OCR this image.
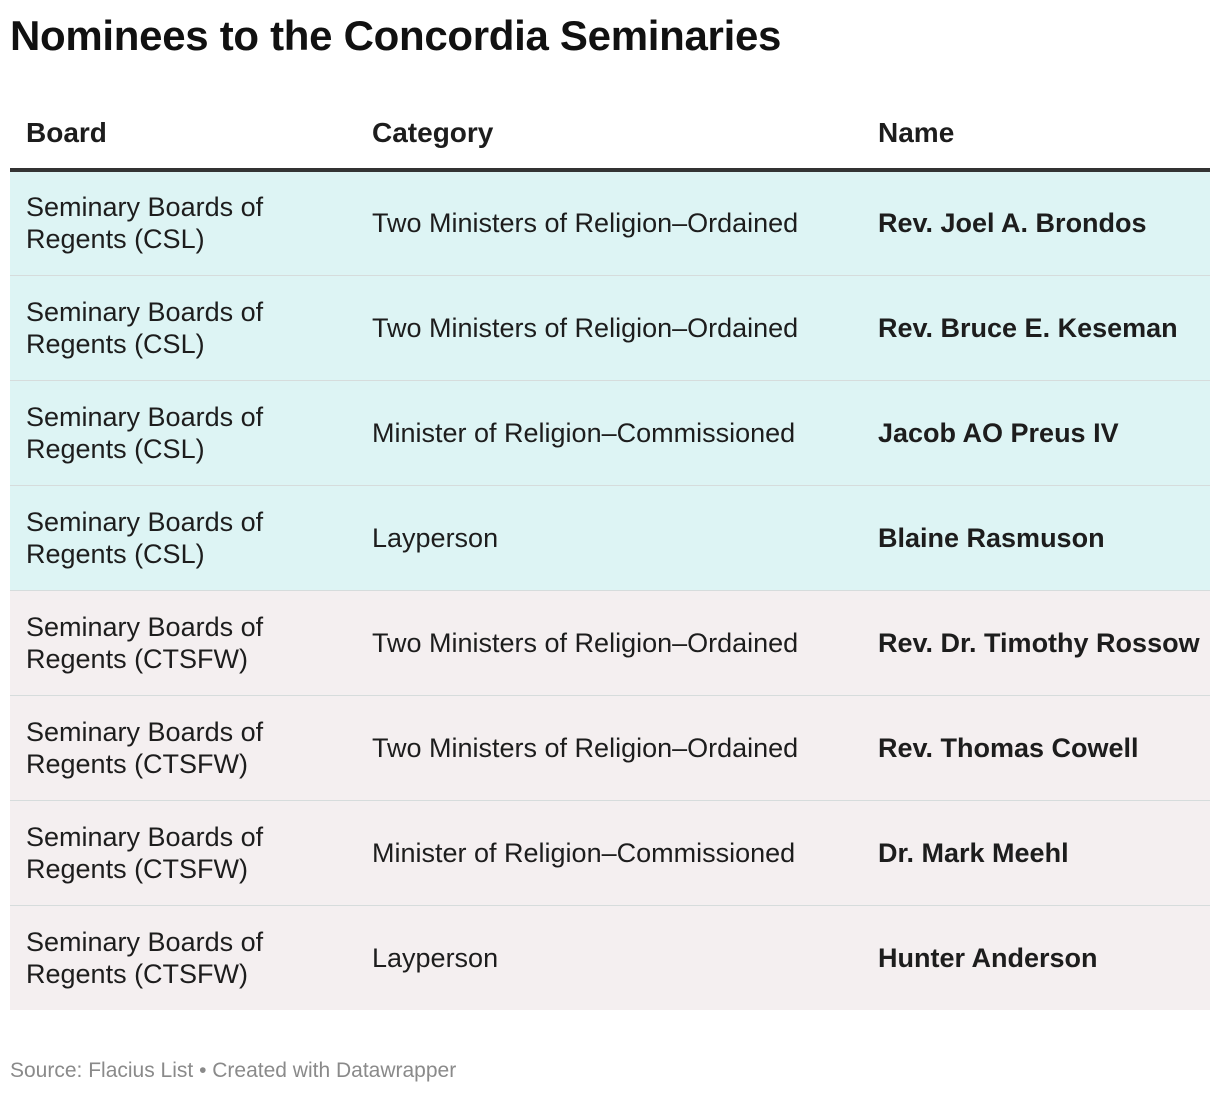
Nominees to the Concordia Seminaries
Board	Category	Name
Seminary Boards of Regents (CSL)	Two Ministers of Religion–Ordained	Rev. Joel A. Brondos
Seminary Boards of Regents (CSL)	Two Ministers of Religion–Ordained	Rev. Bruce E. Keseman
Seminary Boards of Regents (CSL)	Minister of Religion–Commissioned	Jacob AO Preus IV
Seminary Boards of Regents (CSL)	Layperson	Blaine Rasmuson
Seminary Boards of Regents (CTSFW)	Two Ministers of Religion–Ordained	Rev. Dr. Timothy Rossow
Seminary Boards of Regents (CTSFW)	Two Ministers of Religion–Ordained	Rev. Thomas Cowell
Seminary Boards of Regents (CTSFW)	Minister of Religion–Commissioned	Dr. Mark Meehl
Seminary Boards of Regents (CTSFW)	Layperson	Hunter Anderson
Source: Flacius List • Created with Datawrapper
